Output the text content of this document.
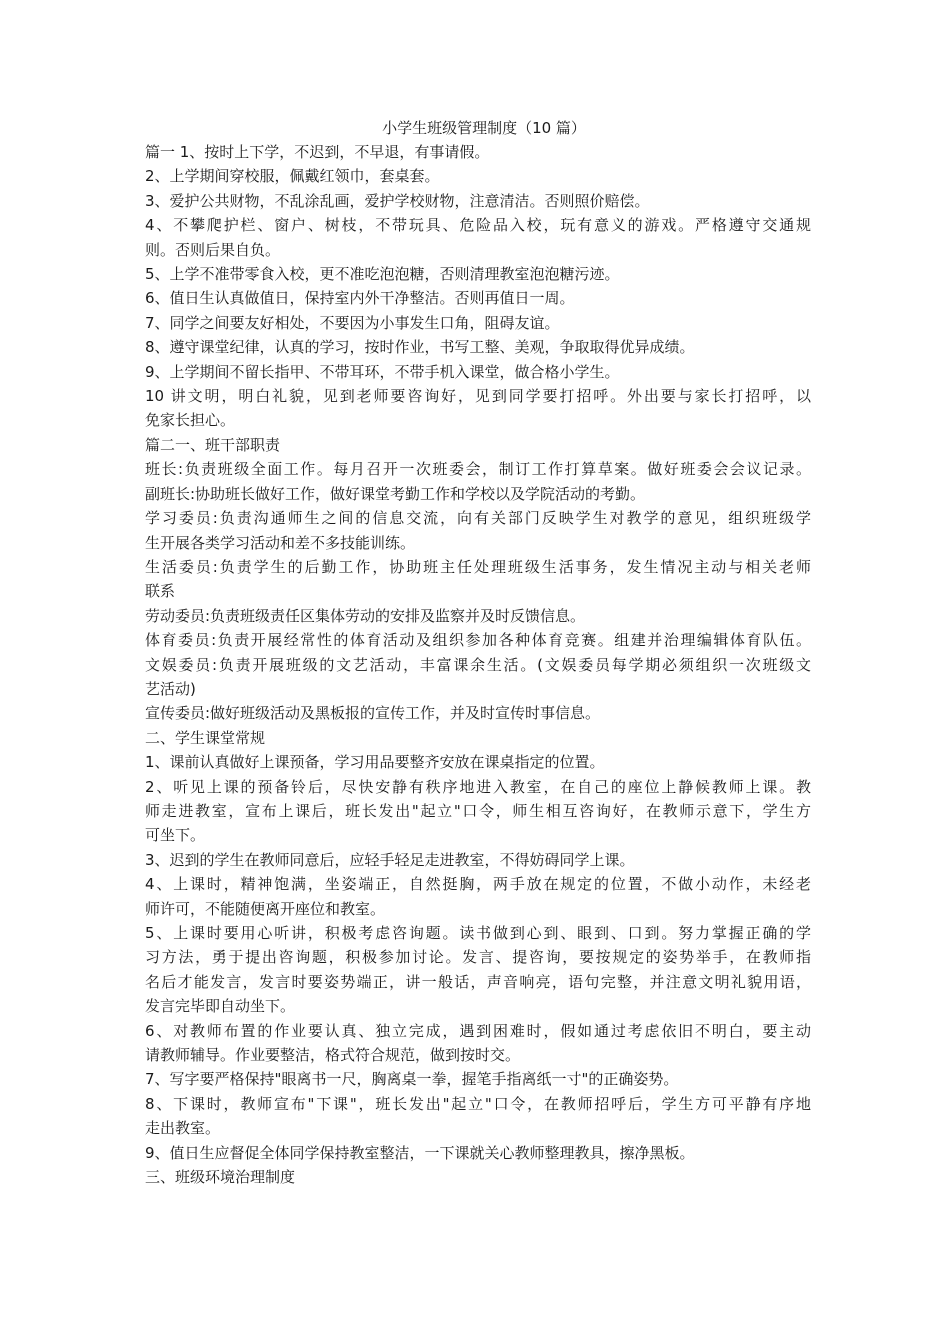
小学生班级管理制度（10 篇）
篇一 1、按时上下学，不迟到，不早退，有事请假。
2、上学期间穿校服，佩戴红领巾，套桌套。
3、爱护公共财物，不乱涂乱画，爱护学校财物，注意清洁。否则照价赔偿。
4、不攀爬护栏、窗户、树枝，不带玩具、危险品入校，玩有意义的游戏。严格遵守交通规
则。否则后果自负。
5、上学不准带零食入校，更不准吃泡泡糖，否则清理教室泡泡糖污迹。
6、值日生认真做值日，保持室内外干净整洁。否则再值日一周。
7、同学之间要友好相处，不要因为小事发生口角，阻碍友谊。
8、遵守课堂纪律，认真的学习，按时作业，书写工整、美观，争取取得优异成绩。
9、上学期间不留长指甲、不带耳环，不带手机入课堂，做合格小学生。
10 讲文明，明白礼貌，见到老师要咨询好，见到同学要打招呼。外出要与家长打招呼，以
免家长担心。
篇二一、班干部职责
班长:负责班级全面工作。每月召开一次班委会，制订工作打算草案。做好班委会会议记录。
副班长:协助班长做好工作，做好课堂考勤工作和学校以及学院活动的考勤。
学习委员:负责沟通师生之间的信息交流，向有关部门反映学生对教学的意见，组织班级学
生开展各类学习活动和差不多技能训练。
生活委员:负责学生的后勤工作，协助班主任处理班级生活事务，发生情况主动与相关老师
联系
劳动委员:负责班级责任区集体劳动的安排及监察并及时反馈信息。
体育委员:负责开展经常性的体育活动及组织参加各种体育竞赛。组建并治理编辑体育队伍。
文娱委员:负责开展班级的文艺活动，丰富课余生活。(文娱委员每学期必须组织一次班级文
艺活动)
宣传委员:做好班级活动及黑板报的宣传工作，并及时宣传时事信息。
二、学生课堂常规
1、课前认真做好上课预备，学习用品要整齐安放在课桌指定的位置。
2、听见上课的预备铃后，尽快安静有秩序地进入教室，在自己的座位上静候教师上课。教
师走进教室，宣布上课后，班长发出"起立"口令，师生相互咨询好，在教师示意下，学生方
可坐下。
3、迟到的学生在教师同意后，应轻手轻足走进教室，不得妨碍同学上课。
4、上课时，精神饱满，坐姿端正，自然挺胸，两手放在规定的位置，不做小动作，未经老
师许可，不能随便离开座位和教室。
5、上课时要用心听讲，积极考虑咨询题。读书做到心到、眼到、口到。努力掌握正确的学
习方法，勇于提出咨询题，积极参加讨论。发言、提咨询，要按规定的姿势举手，在教师指
名后才能发言，发言时要姿势端正，讲一般话，声音响亮，语句完整，并注意文明礼貌用语，
发言完毕即自动坐下。
6、对教师布置的作业要认真、独立完成，遇到困难时，假如通过考虑依旧不明白，要主动
请教师辅导。作业要整洁，格式符合规范，做到按时交。
7、写字要严格保持"眼离书一尺，胸离桌一拳，握笔手指离纸一寸"的正确姿势。
8、下课时，教师宣布"下课"，班长发出"起立"口令，在教师招呼后，学生方可平静有序地
走出教室。
9、值日生应督促全体同学保持教室整洁，一下课就关心教师整理教具，擦净黑板。
三、班级环境治理制度
